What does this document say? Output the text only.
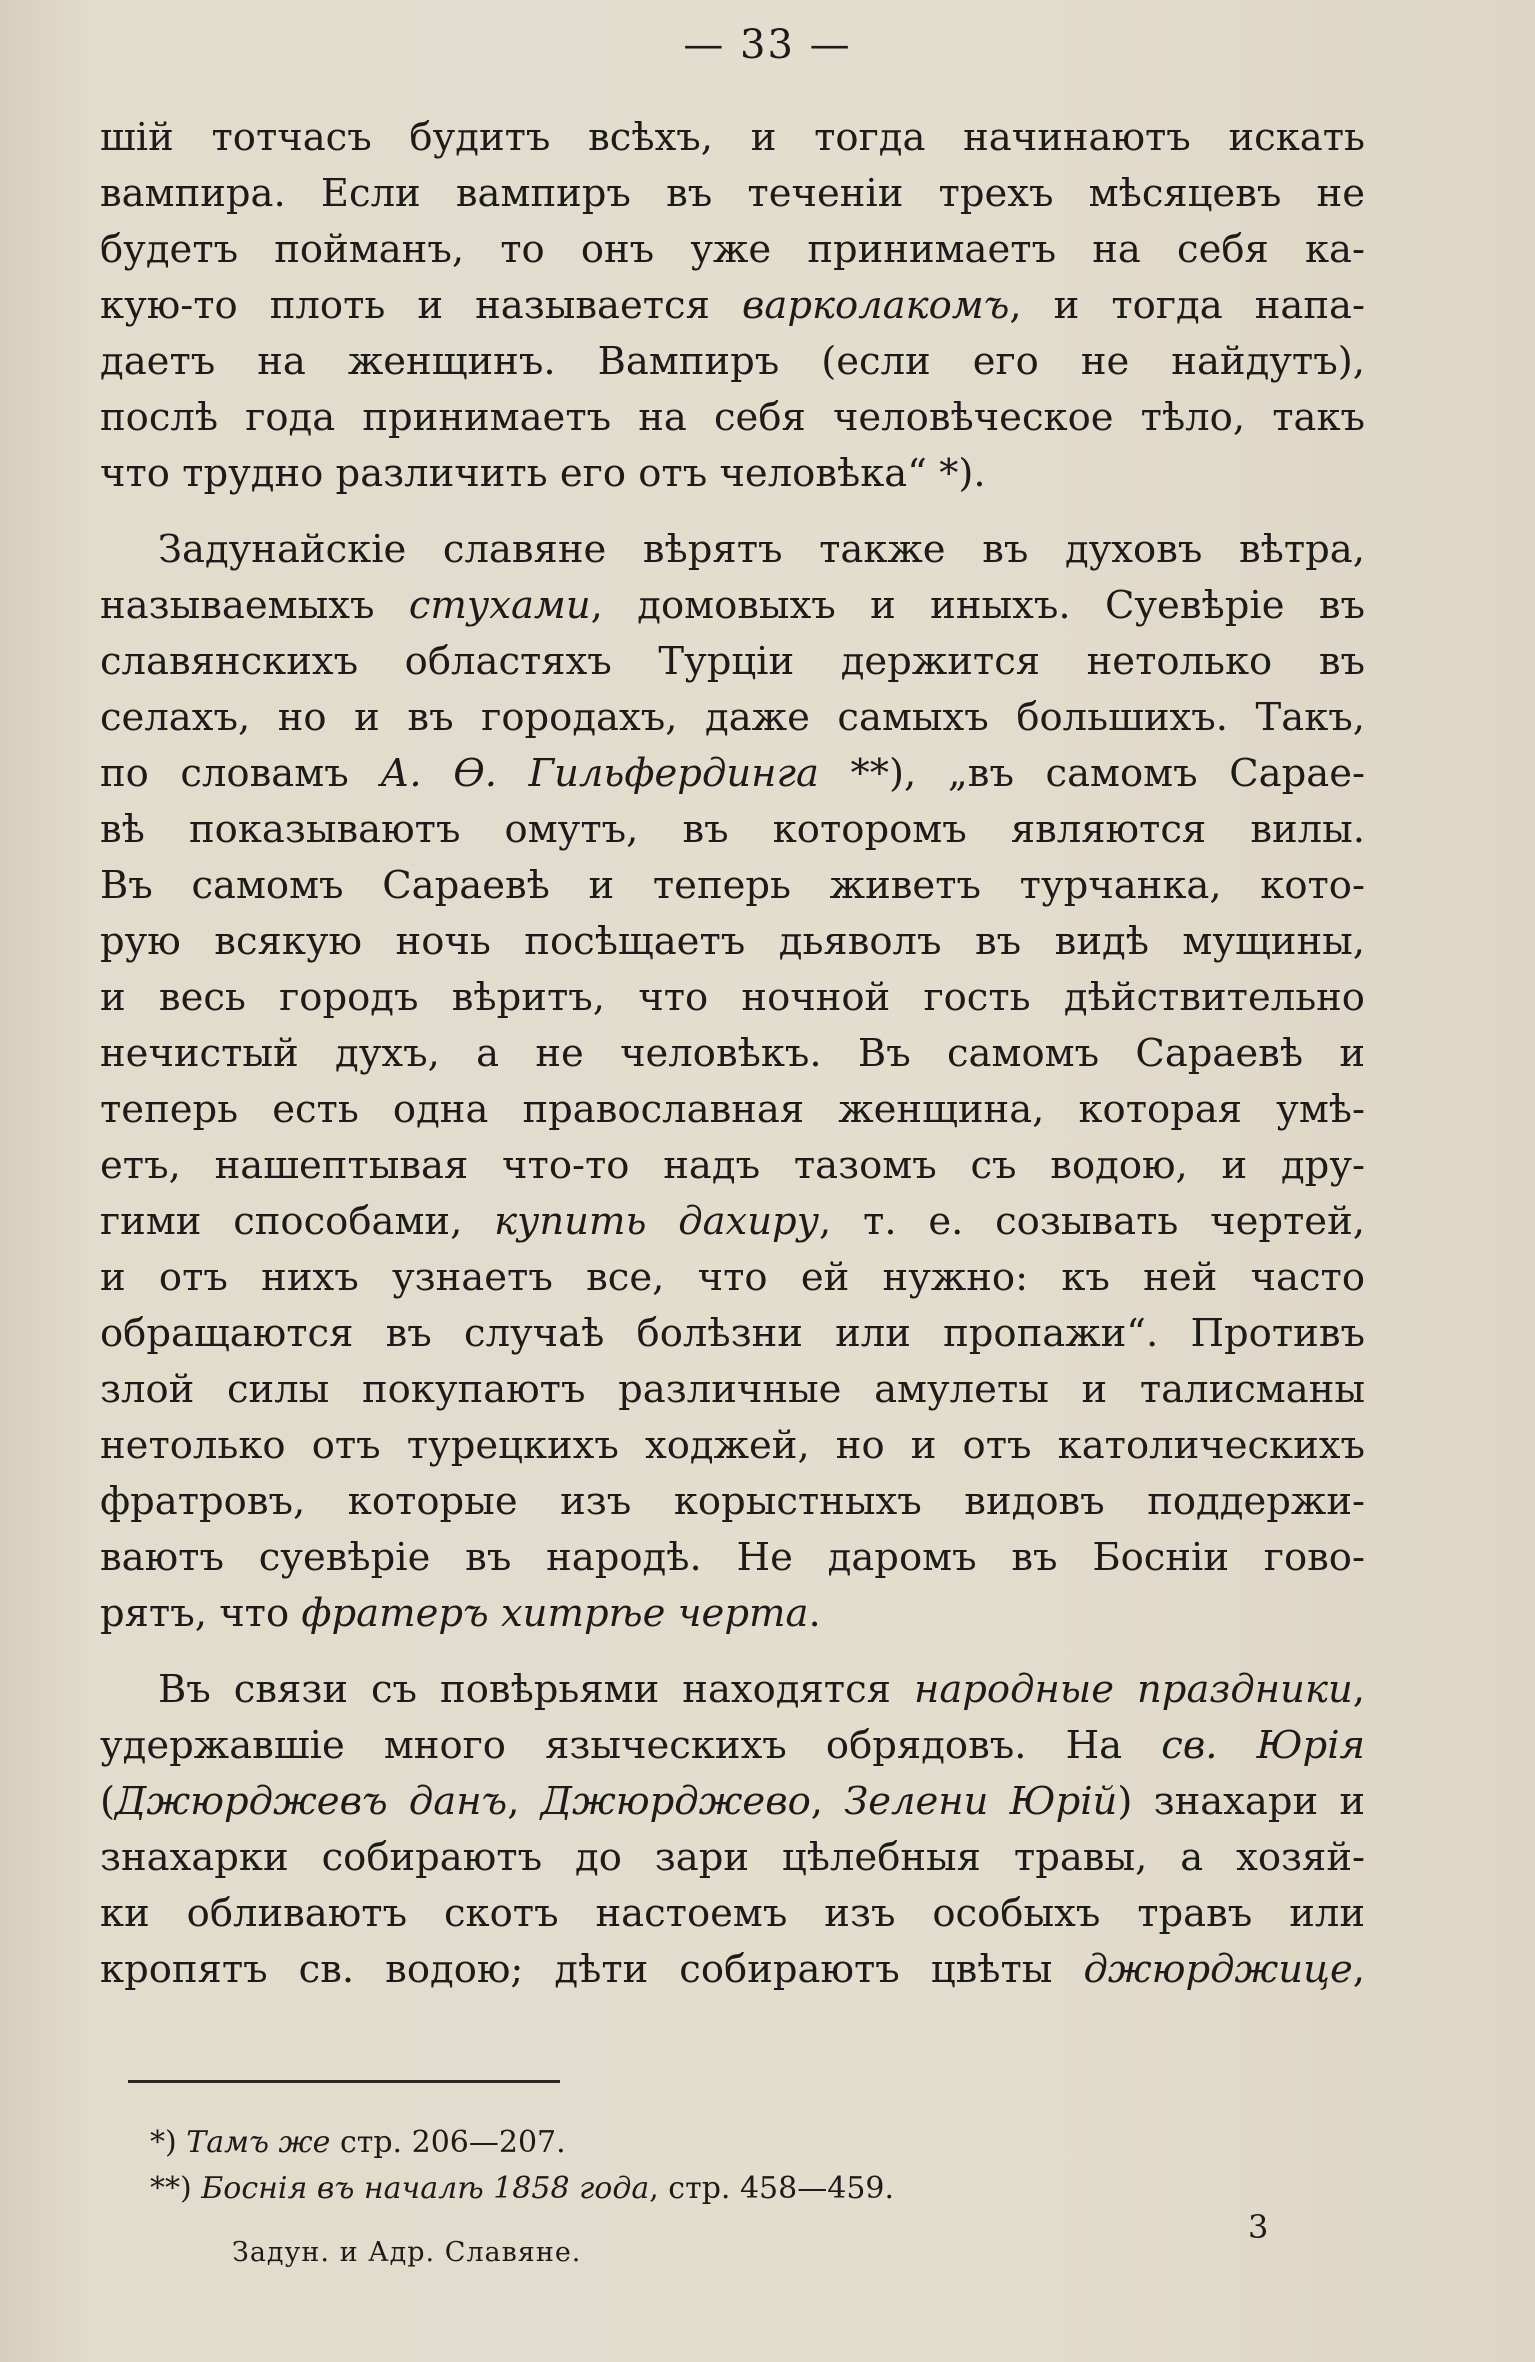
— 33 —
шій тотчасъ будитъ всѣхъ, и тогда начинаютъ искать
вампира. Если вампиръ въ теченіи трехъ мѣсяцевъ не
будетъ пойманъ, то онъ уже принимаетъ на себя ка-
кую-то плоть и называется варколакомъ, и тогда напа-
даетъ на женщинъ. Вампиръ (если его не найдутъ),
послѣ года принимаетъ на себя человѣческое тѣло, такъ
что трудно различить его отъ человѣка“ *).
Задунайскіе славяне вѣрятъ также въ духовъ вѣтра,
называемыхъ стухами, домовыхъ и иныхъ. Суевѣріе въ
славянскихъ областяхъ Турціи держится нетолько въ
селахъ, но и въ городахъ, даже самыхъ большихъ. Такъ,
по словамъ А. Ѳ. Гильфердинга **), „въ самомъ Сарае-
вѣ показываютъ омутъ, въ которомъ являются вилы.
Въ самомъ Сараевѣ и теперь живетъ турчанка, кото-
рую всякую ночь посѣщаетъ дьяволъ въ видѣ мущины,
и весь городъ вѣритъ, что ночной гость дѣйствительно
нечистый духъ, а не человѣкъ. Въ самомъ Сараевѣ и
теперь есть одна православная женщина, которая умѣ-
етъ, нашептывая что-то надъ тазомъ съ водою, и дру-
гими способами, купить дахиру, т. е. созывать чертей,
и отъ нихъ узнаетъ все, что ей нужно: къ ней часто
обращаются въ случаѣ болѣзни или пропажи“. Противъ
злой силы покупаютъ различные амулеты и талисманы
нетолько отъ турецкихъ ходжей, но и отъ католическихъ
фратровъ, которые изъ корыстныхъ видовъ поддержи-
ваютъ суевѣріе въ народѣ. Не даромъ въ Босніи гово-
рятъ, что фратеръ хитрѣе черта.
Въ связи съ повѣрьями находятся народные праздники,
удержавшіе много языческихъ обрядовъ. На св. Юрія
(Джюрджевъ данъ, Джюрджево, Зелени Юрій) знахари и
знахарки собираютъ до зари цѣлебныя травы, а хозяй-
ки обливаютъ скотъ настоемъ изъ особыхъ травъ или
кропятъ св. водою; дѣти собираютъ цвѣты джюрджице,
*) Тамъ же стр. 206—207.
**) Боснія въ началѣ 1858 года, стр. 458—459.
Задун. и Адр. Славяне.
3
